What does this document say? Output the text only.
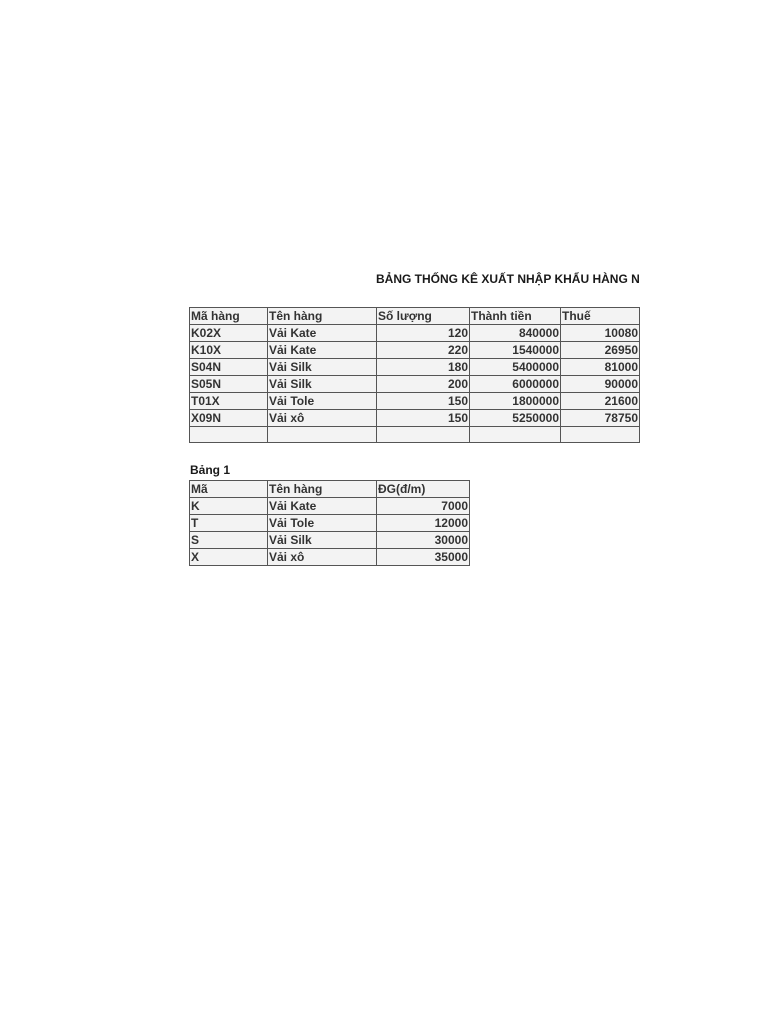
BẢNG THỐNG KÊ XUẤT NHẬP KHẨU HÀNG N
Mã hàng	Tên hàng	Số lượng	Thành tiền	Thuế
K02X	Vải Kate	120	840000	10080
K10X	Vải Kate	220	1540000	26950
S04N	Vải Silk	180	5400000	81000
S05N	Vải Silk	200	6000000	90000
T01X	Vải Tole	150	1800000	21600
X09N	Vải xô	150	5250000	78750

Bảng 1
Mã	Tên hàng	ĐG(đ/m)
K	Vải Kate	7000
T	Vải Tole	12000
S	Vải Silk	30000
X	Vải xô	35000
